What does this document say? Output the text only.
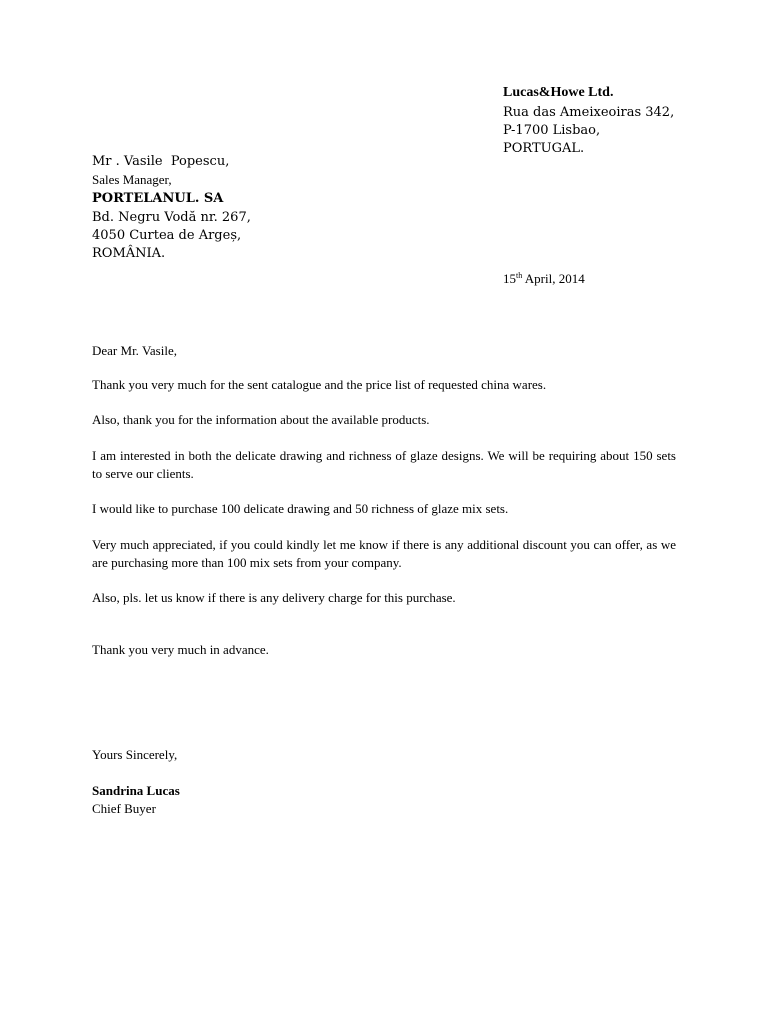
Lucas&Howe Ltd.
Rua das Ameixeoiras 342,
P-1700 Lisbao,
PORTUGAL.
Mr . Vasile  Popescu,
Sales Manager,
PORTELANUL. SA
Bd. Negru Vodă nr. 267,
4050 Curtea de Argeș,
ROMÂNIA.
15th April, 2014

Dear Mr. Vasile,

Thank you very much for the sent catalogue and the price list of requested china wares.

Also, thank you for the information about the available products.

I am interested in both the delicate drawing and richness of glaze designs. We will be requiring about 150 sets to serve our clients.

I would like to purchase 100 delicate drawing and 50 richness of glaze mix sets.

Very much appreciated, if you could kindly let me know if there is any additional discount you can offer, as we are purchasing more than 100 mix sets from your company.

Also, pls. let us know if there is any delivery charge for this purchase.

Thank you very much in advance.

Yours Sincerely,

Sandrina Lucas
Chief Buyer
